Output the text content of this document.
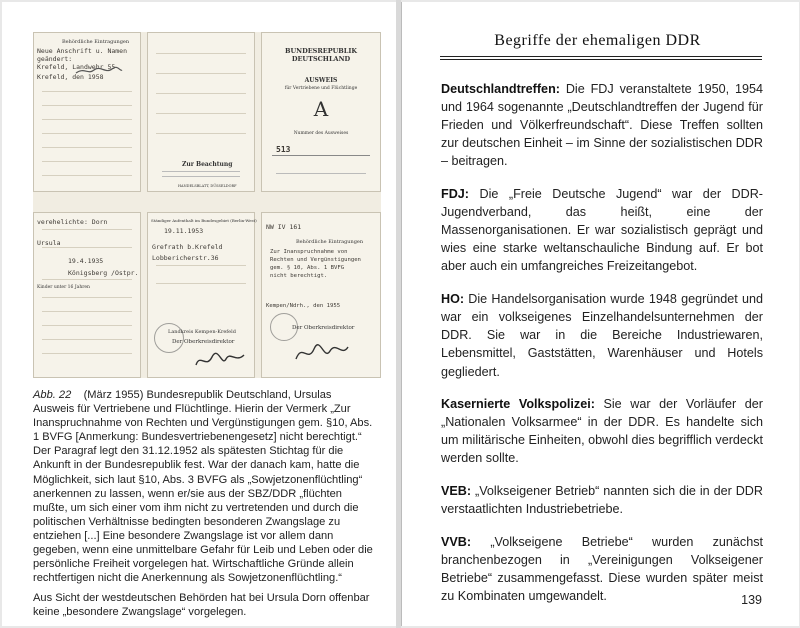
Behördliche Eintragungen
Neue Anschrift u. Namen
geändert:
Krefeld, Landwehr 55
Krefeld, den 1958
Zur Beachtung
HANDELSBLATT, DÜSSELDORF
BUNDESREPUBLIK
DEUTSCHLAND
AUSWEIS
für Vertriebene und Flüchtlinge
A
Nummer des Ausweises
513
verehelichte: Dorn
Ursula
19.4.1935
Königsberg /Ostpr.
Kinder unter 16 Jahren
Ständiger Aufenthalt im Bundesgebiet (Berlin-West)
19.11.1953
Grefrath b.Krefeld
Lobbericherstr.36
Landkreis Kempen-Krefeld
Der Oberkreisdirektor
NW IV 161
Behördliche Eintragungen
Zur Inanspruchnahme von
Rechten und Vergünstigungen
gem. § 10, Abs. 1 BVFG
nicht berechtigt.
Kempen/Ndrh., den 1955
Der Oberkreisdirektor

Abb. 22 (März 1955) Bundesrepublik Deutschland, Ursulas Ausweis für Vertriebene und Flüchtlinge. Hierin der Vermerk „Zur Inanspruchnahme von Rechten und Vergünstigungen gem. §10, Abs. 1 BVFG [Anmerkung: Bundesvertriebenengesetz] nicht berechtigt.“ Der Paragraf legt den 31.12.1952 als spätesten Stichtag für die Ankunft in der Bundesrepublik fest. War der danach kam, hatte die Möglichkeit, sich laut §10, Abs. 3 BVFG als „Sowjetzonenflüchtling“ anerkennen zu lassen, wenn er/sie aus der SBZ/DDR „flüchten mußte, um sich einer vom ihm nicht zu vertretenden und durch die politischen Verhältnisse bedingten besonderen Zwangslage zu entziehen [...] Eine besondere Zwangslage ist vor allem dann gegeben, wenn eine unmittelbare Gefahr für Leib und Leben oder die persönliche Freiheit vorgelegen hat. Wirtschaftliche Gründe allein rechtfertigen nicht die Anerkennung als Sowjetzonenflüchtling.“

Aus Sicht der westdeutschen Behörden hat bei Ursula Dorn offenbar keine „besondere Zwangslage“ vorgelegen.

Begriffe der ehemaligen DDR

Deutschlandtreffen: Die FDJ veranstaltete 1950, 1954 und 1964 sogenannte „Deutschlandtreffen der Jugend für Frieden und Völkerfreundschaft“. Diese Treffen sollten zur deutschen Einheit – im Sinne der sozialistischen DDR – beitragen.

FDJ: Die „Freie Deutsche Jugend“ war der DDR-Jugendverband, das heißt, eine der Massenorganisationen. Er war sozialistisch geprägt und wies eine starke weltanschauliche Bindung auf. Er bot aber auch ein umfangreiches Freizeitangebot.

HO: Die Handelsorganisation wurde 1948 gegründet und war ein volkseigenes Einzelhandelsunternehmen der DDR. Sie war in die Bereiche Industriewaren, Lebensmittel, Gaststätten, Warenhäuser und Hotels gegliedert.

Kasernierte Volkspolizei: Sie war der Vorläufer der „Nationalen Volksarmee“ in der DDR. Es handelte sich um militärische Einheiten, obwohl dies begrifflich verdeckt werden sollte.

VEB: „Volkseigener Betrieb“ nannten sich die in der DDR verstaatlichten Industriebetriebe.

VVB: „Volkseigene Betriebe“ wurden zunächst branchenbezogen in „Vereinigungen Volkseigener Betriebe“ zusammengefasst. Diese wurden später meist zu Kombinaten umgewandelt.	139
